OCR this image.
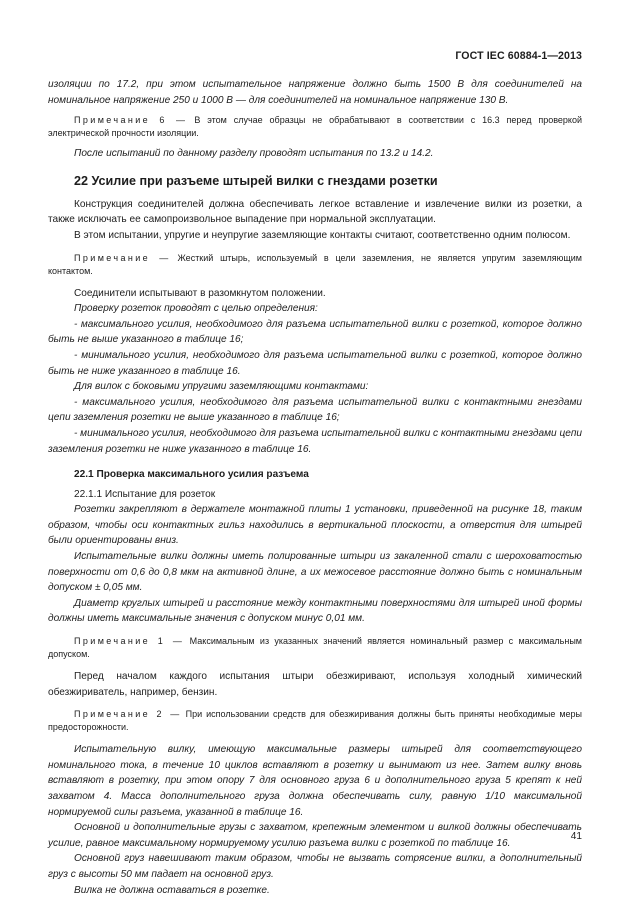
ГОСТ IEC 60884-1—2013

изоляции по 17.2, при этом испытательное напряжение должно быть 1500 В для соединителей на номинальное напряжение 250 и 1000 В — для соединителей на номинальное напряжение 130 В.

Примечание 6 — В этом случае образцы не обрабатывают в соответствии с 16.3 перед проверкой электрической прочности изоляции.

После испытаний по данному разделу проводят испытания по 13.2 и 14.2.

22 Усилие при разъеме штырей вилки с гнездами розетки

Конструкция соединителей должна обеспечивать легкое вставление и извлечение вилки из розетки, а также исключать ее самопроизвольное выпадение при нормальной эксплуатации.

В этом испытании, упругие и неупругие заземляющие контакты считают, соответственно одним полюсом.

Примечание — Жесткий штырь, используемый в цели заземления, не является упругим заземляющим контактом.

Соединители испытывают в разомкнутом положении.

Проверку розеток проводят с целью определения:

- максимального усилия, необходимого для разъема испытательной вилки с розеткой, которое должно быть не выше указанного в таблице 16;

- минимального усилия, необходимого для разъема испытательной вилки с розеткой, которое должно быть не ниже указанного в таблице 16.

Для вилок с боковыми упругими заземляющими контактами:

- максимального усилия, необходимого для разъема испытательной вилки с контактными гнездами цепи заземления розетки не выше указанного в таблице 16;

- минимального усилия, необходимого для разъема испытательной вилки с контактными гнездами цепи заземления розетки не ниже указанного в таблице 16.

22.1 Проверка максимального усилия разъема
22.1.1 Испытание для розеток

Розетки закрепляют в держателе монтажной плиты 1 установки, приведенной на рисунке 18, таким образом, чтобы оси контактных гильз находились в вертикальной плоскости, а отверстия для штырей были ориентированы вниз.

Испытательные вилки должны иметь полированные штыри из закаленной стали с шероховатостью поверхности от 0,6 до 0,8 мкм на активной длине, а их межосевое расстояние должно быть с номинальным допуском ± 0,05 мм.

Диаметр круглых штырей и расстояние между контактными поверхностями для штырей иной формы должны иметь максимальные значения с допуском минус 0,01 мм.

Примечание 1 — Максимальным из указанных значений является номинальный размер с максимальным допуском.

Перед началом каждого испытания штыри обезжиривают, используя холодный химический обезжириватель, например, бензин.

Примечание 2 — При использовании средств для обезжиривания должны быть приняты необходимые меры предосторожности.

Испытательную вилку, имеющую максимальные размеры штырей для соответствующего номинального тока, в течение 10 циклов вставляют в розетку и вынимают из нее. Затем вилку вновь вставляют в розетку, при этом опору 7 для основного груза 6 и дополнительного груза 5 крепят к ней захватом 4. Масса дополнительного груза должна обеспечивать силу, равную 1/10 максимальной нормируемой силы разъема, указанной в таблице 16.

Основной и дополнительные грузы с захватом, крепежным элементом и вилкой должны обеспечивать усилие, равное максимальному нормируемому усилию разъема вилки с розеткой по таблице 16.

Основной груз навешивают таким образом, чтобы не вызвать сотрясение вилки, а дополнительный груз с высоты 50 мм падает на основной груз.

Вилка не должна оставаться в розетке.

41
